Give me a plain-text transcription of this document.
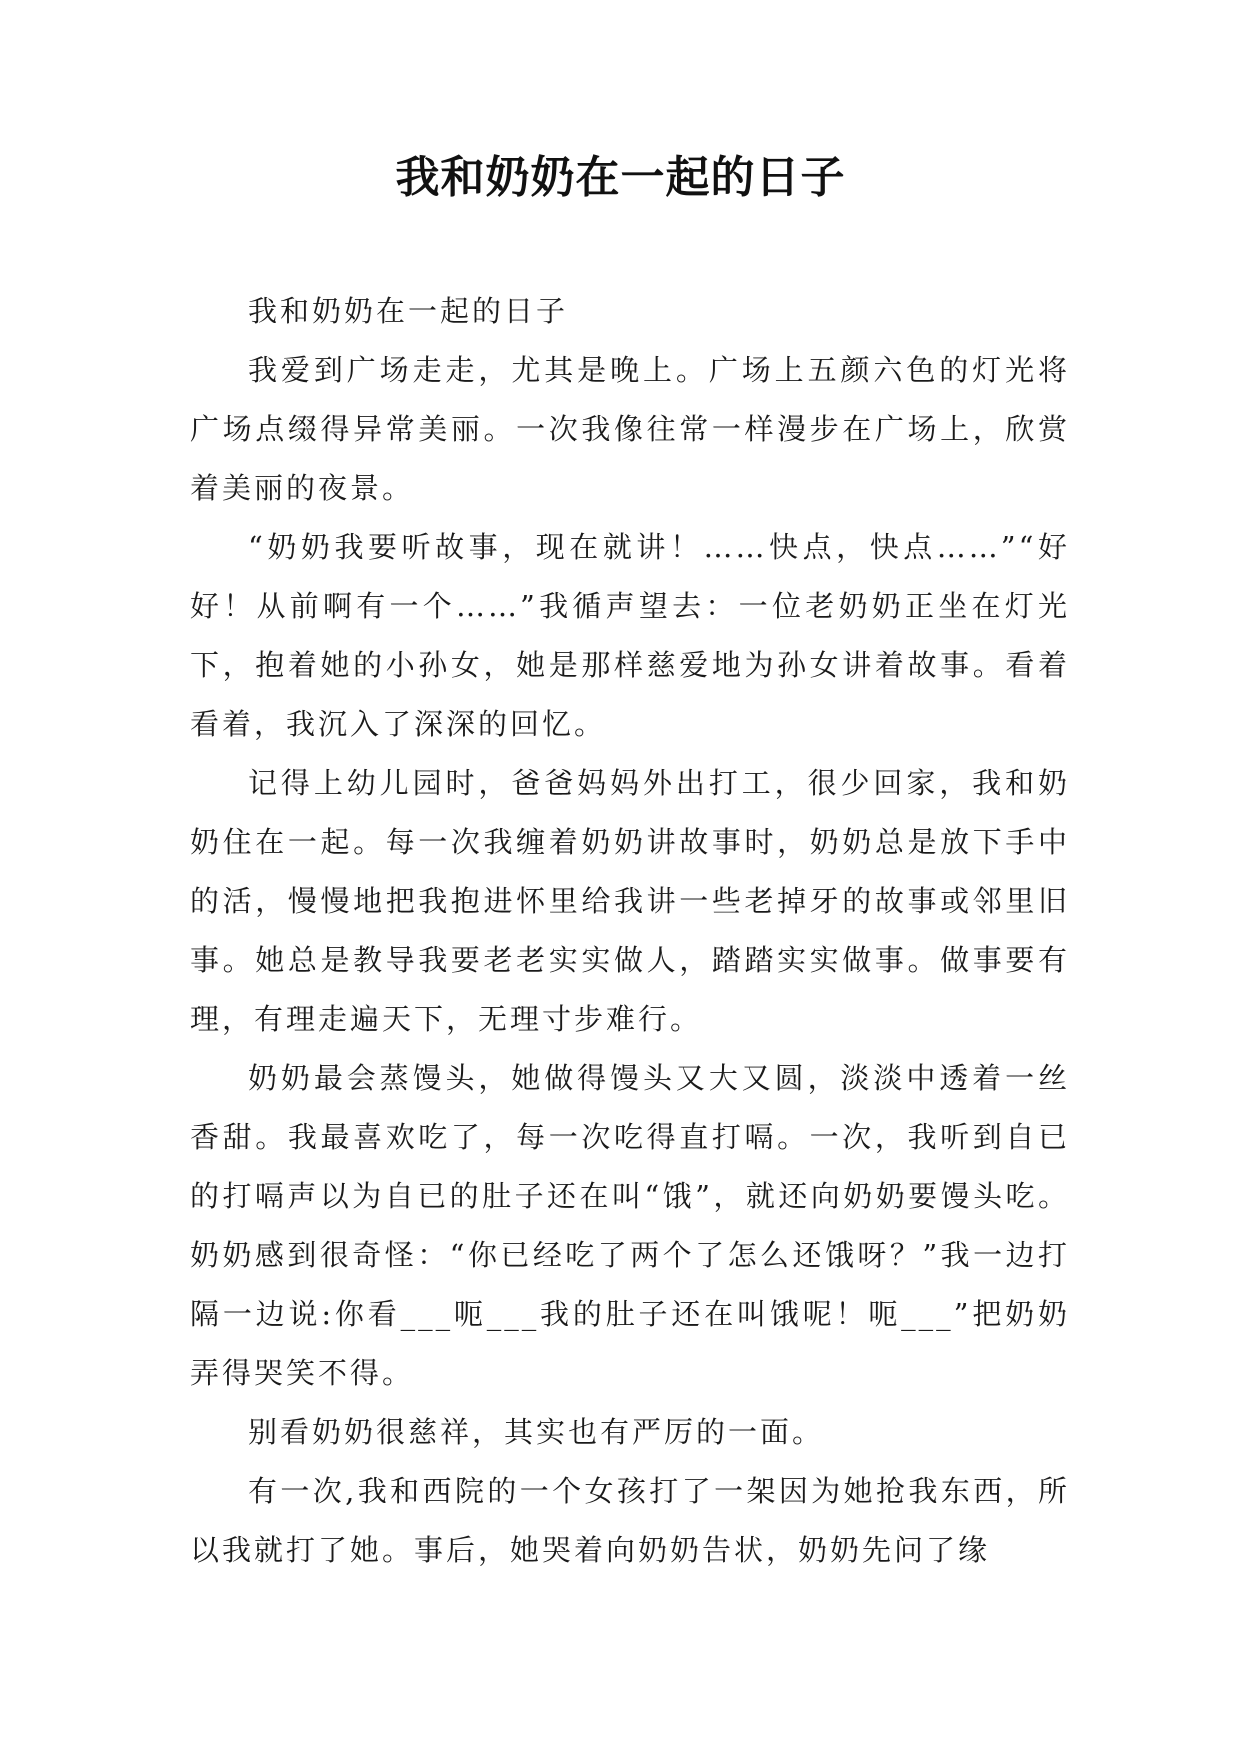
我和奶奶在一起的日子

我和奶奶在一起的日子

我爱到广场走走，尤其是晚上。广场上五颜六色的灯光将广场点缀得异常美丽。一次我像往常一样漫步在广场上，欣赏着美丽的夜景。

“奶奶我要听故事，现在就讲！……快点，快点……”“好好！从前啊有一个……”我循声望去：一位老奶奶正坐在灯光下，抱着她的小孙女，她是那样慈爱地为孙女讲着故事。看着看着，我沉入了深深的回忆。

记得上幼儿园时，爸爸妈妈外出打工，很少回家，我和奶奶住在一起。每一次我缠着奶奶讲故事时，奶奶总是放下手中的活，慢慢地把我抱进怀里给我讲一些老掉牙的故事或邻里旧事。她总是教导我要老老实实做人，踏踏实实做事。做事要有理，有理走遍天下，无理寸步难行。

奶奶最会蒸馒头，她做得馒头又大又圆，淡淡中透着一丝香甜。我最喜欢吃了，每一次吃得直打嗝。一次，我听到自已的打嗝声以为自已的肚子还在叫“饿”，就还向奶奶要馒头吃。奶奶感到很奇怪：“你已经吃了两个了怎么还饿呀？”我一边打隔一边说:你看___呃___我的肚子还在叫饿呢！呃___”把奶奶弄得哭笑不得。

别看奶奶很慈祥，其实也有严厉的一面。

有一次,我和西院的一个女孩打了一架因为她抢我东西，所以我就打了她。事后，她哭着向奶奶告状，奶奶先问了缘
